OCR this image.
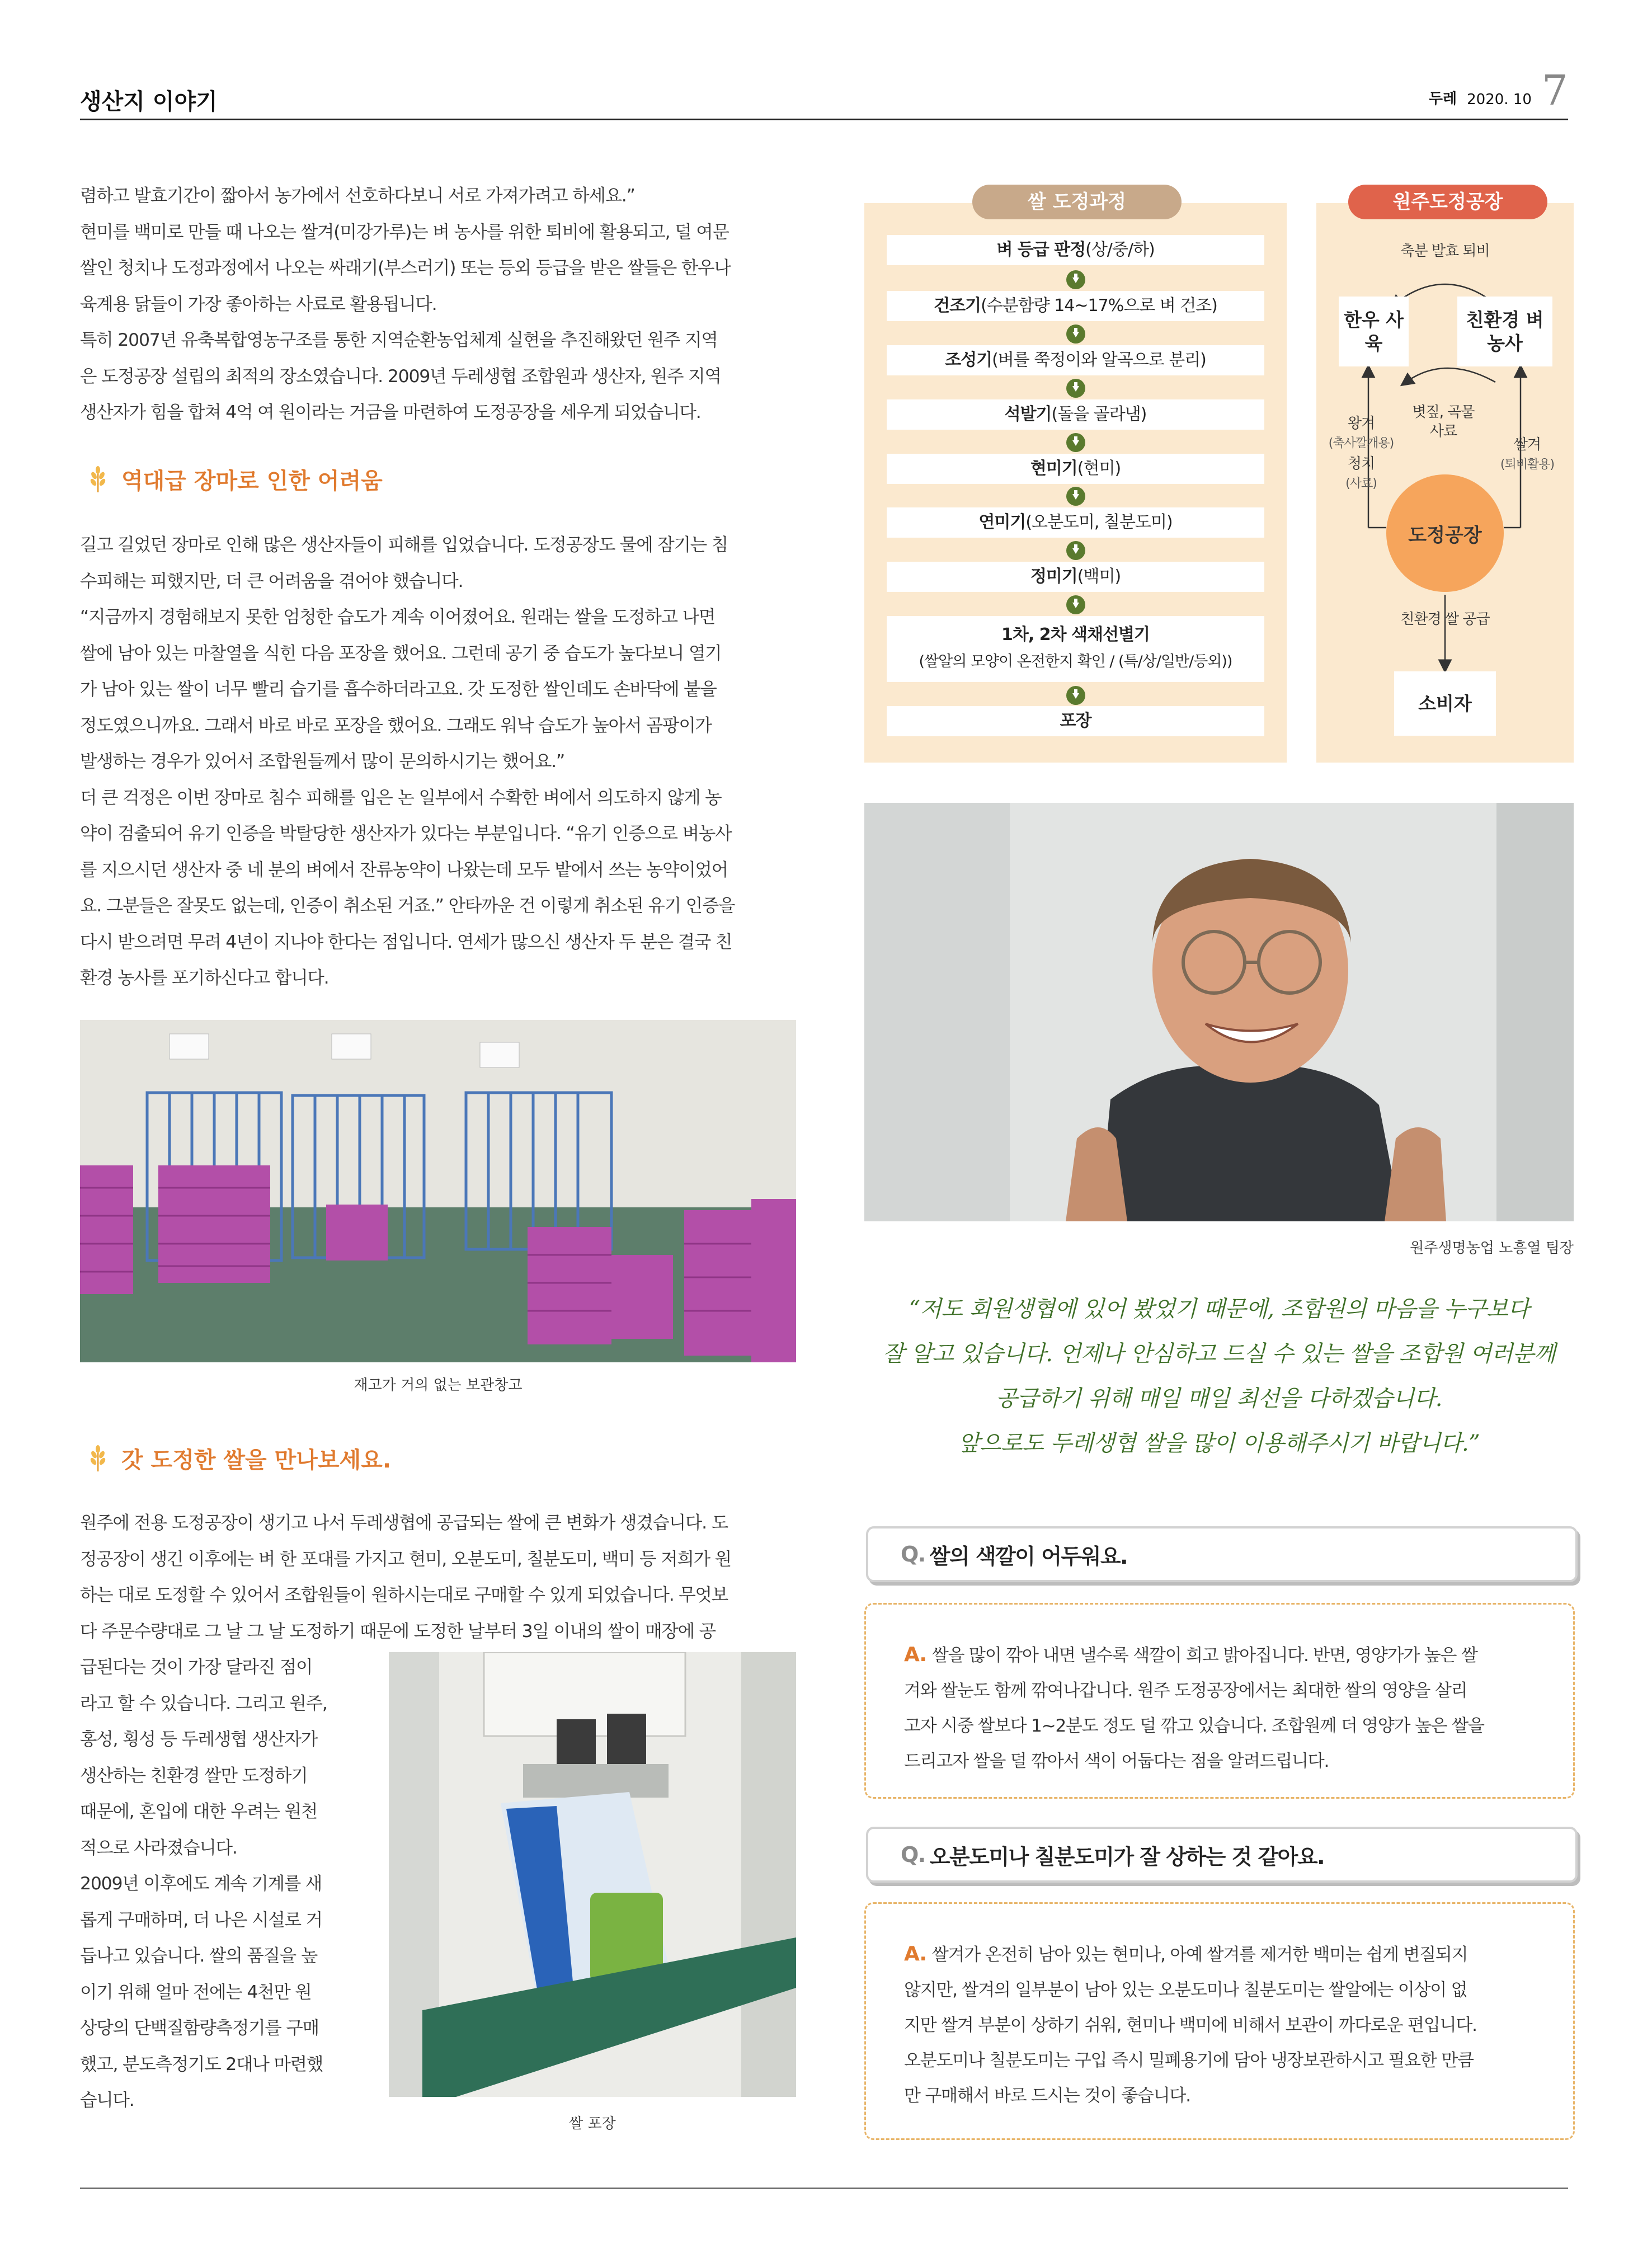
생산지 이야기	두레 2020. 10 7

렴하고 발효기간이 짧아서 농가에서 선호하다보니 서로 가져가려고 하세요.”

현미를 백미로 만들 때 나오는 쌀겨(미강가루)는 벼 농사를 위한 퇴비에 활용되고, 덜 여문

쌀인 청치나 도정과정에서 나오는 싸래기(부스러기) 또는 등외 등급을 받은 쌀들은 한우나

육계용 닭들이 가장 좋아하는 사료로 활용됩니다.

특히 2007년 유축복합영농구조를 통한 지역순환농업체계 실현을 추진해왔던 원주 지역

은 도정공장 설립의 최적의 장소였습니다. 2009년 두레생협 조합원과 생산자, 원주 지역

생산자가 힘을 합쳐 4억 여 원이라는 거금을 마련하여 도정공장을 세우게 되었습니다.

역대급 장마로 인한 어려움

길고 길었던 장마로 인해 많은 생산자들이 피해를 입었습니다. 도정공장도 물에 잠기는 침

수피해는 피했지만, 더 큰 어려움을 겪어야 했습니다.

“지금까지 경험해보지 못한 엄청한 습도가 계속 이어졌어요. 원래는 쌀을 도정하고 나면

쌀에 남아 있는 마찰열을 식힌 다음 포장을 했어요. 그런데 공기 중 습도가 높다보니 열기

가 남아 있는 쌀이 너무 빨리 습기를 흡수하더라고요. 갓 도정한 쌀인데도 손바닥에 붙을

정도였으니까요. 그래서 바로 바로 포장을 했어요. 그래도 워낙 습도가 높아서 곰팡이가

발생하는 경우가 있어서 조합원들께서 많이 문의하시기는 했어요.”

더 큰 걱정은 이번 장마로 침수 피해를 입은 논 일부에서 수확한 벼에서 의도하지 않게 농

약이 검출되어 유기 인증을 박탈당한 생산자가 있다는 부분입니다. “유기 인증으로 벼농사

를 지으시던 생산자 중 네 분의 벼에서 잔류농약이 나왔는데 모두 밭에서 쓰는 농약이었어

요. 그분들은 잘못도 없는데, 인증이 취소된 거죠.” 안타까운 건 이렇게 취소된 유기 인증을

다시 받으려면 무려 4년이 지나야 한다는 점입니다. 연세가 많으신 생산자 두 분은 결국 친

환경 농사를 포기하신다고 합니다.

재고가 거의 없는 보관창고
갓 도정한 쌀을 만나보세요.

원주에 전용 도정공장이 생기고 나서 두레생협에 공급되는 쌀에 큰 변화가 생겼습니다. 도

정공장이 생긴 이후에는 벼 한 포대를 가지고 현미, 오분도미, 칠분도미, 백미 등 저희가 원

하는 대로 도정할 수 있어서 조합원들이 원하시는대로 구매할 수 있게 되었습니다. 무엇보

다 주문수량대로 그 날 그 날 도정하기 때문에 도정한 날부터 3일 이내의 쌀이 매장에 공

급된다는 것이 가장 달라진 점이

라고 할 수 있습니다. 그리고 원주,

홍성, 횡성 등 두레생협 생산자가

생산하는 친환경 쌀만 도정하기

때문에, 혼입에 대한 우려는 원천

적으로 사라졌습니다.

2009년 이후에도 계속 기계를 새

롭게 구매하며, 더 나은 시설로 거

듭나고 있습니다. 쌀의 품질을 높

이기 위해 얼마 전에는 4천만 원

상당의 단백질함량측정기를 구매

했고, 분도측정기도 2대나 마련했

습니다.

쌀 포장
쌀 도정과정
벼 등급 판정(상/중/하)
건조기(수분함량 14~17%으로 벼 건조)
조성기(벼를 쭉정이와 알곡으로 분리)
석발기(돌을 골라냄)
현미기(현미)
연미기(오분도미, 칠분도미)
정미기(백미)
1차, 2차 색채선별기
(쌀알의 모양이 온전한지 확인 / (특/상/일반/등외))
포장
원주도정공장
축분 발효 퇴비
한우 사육
친환경 벼 농사
볏짚, 곡물사료
왕겨
(축사깔개용)
청치
(사료)
쌀겨
(퇴비활용)
도정공장
친환경 쌀 공급
소비자
원주생명농업 노흥열 팀장
“저도 회원생협에 있어 봤었기 때문에, 조합원의 마음을 누구보다
잘 알고 있습니다. 언제나 안심하고 드실 수 있는 쌀을 조합원 여러분께
공급하기 위해 매일 매일 최선을 다하겠습니다.
앞으로도 두레생협 쌀을 많이 이용해주시기 바랍니다.”
Q. 쌀의 색깔이 어두워요.
A. 쌀을 많이 깎아 내면 낼수록 색깔이 희고 밝아집니다. 반면, 영양가가 높은 쌀
겨와 쌀눈도 함께 깎여나갑니다. 원주 도정공장에서는 최대한 쌀의 영양을 살리
고자 시중 쌀보다 1~2분도 정도 덜 깎고 있습니다. 조합원께 더 영양가 높은 쌀을
드리고자 쌀을 덜 깎아서 색이 어둡다는 점을 알려드립니다.
Q. 오분도미나 칠분도미가 잘 상하는 것 같아요.
A. 쌀겨가 온전히 남아 있는 현미나, 아예 쌀겨를 제거한 백미는 쉽게 변질되지
않지만, 쌀겨의 일부분이 남아 있는 오분도미나 칠분도미는 쌀알에는 이상이 없
지만 쌀겨 부분이 상하기 쉬워, 현미나 백미에 비해서 보관이 까다로운 편입니다.
오분도미나 칠분도미는 구입 즉시 밀폐용기에 담아 냉장보관하시고 필요한 만큼
만 구매해서 바로 드시는 것이 좋습니다.
